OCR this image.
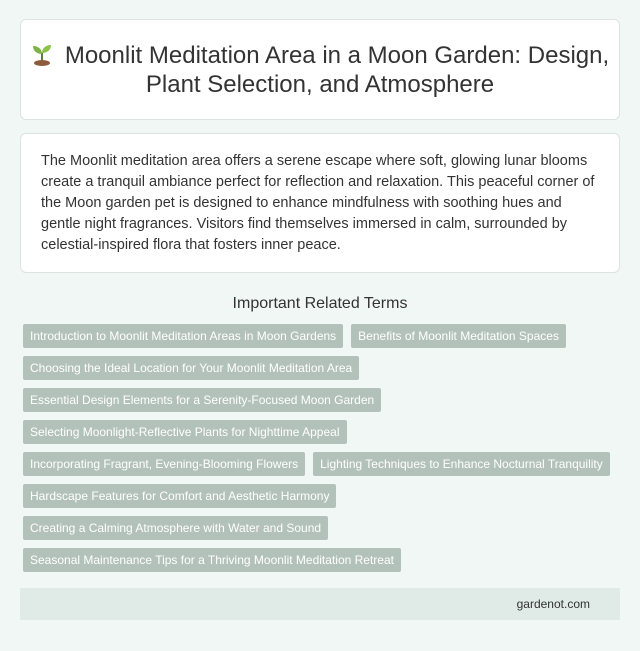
Moonlit Meditation Area in a Moon Garden: Design, Plant Selection, and Atmosphere

The Moonlit meditation area offers a serene escape where soft, glowing lunar blooms create a tranquil ambiance perfect for reflection and relaxation. This peaceful corner of the Moon garden pet is designed to enhance mindfulness with soothing hues and gentle night fragrances. Visitors find themselves immersed in calm, surrounded by celestial-inspired flora that fosters inner peace.

Important Related Terms
Introduction to Moonlit Meditation Areas in Moon Gardens	Benefits of Moonlit Meditation Spaces
Choosing the Ideal Location for Your Moonlit Meditation Area
Essential Design Elements for a Serenity-Focused Moon Garden
Selecting Moonlight-Reflective Plants for Nighttime Appeal
Incorporating Fragrant, Evening-Blooming Flowers	Lighting Techniques to Enhance Nocturnal Tranquility
Hardscape Features for Comfort and Aesthetic Harmony
Creating a Calming Atmosphere with Water and Sound
Seasonal Maintenance Tips for a Thriving Moonlit Meditation Retreat
gardenot.com
